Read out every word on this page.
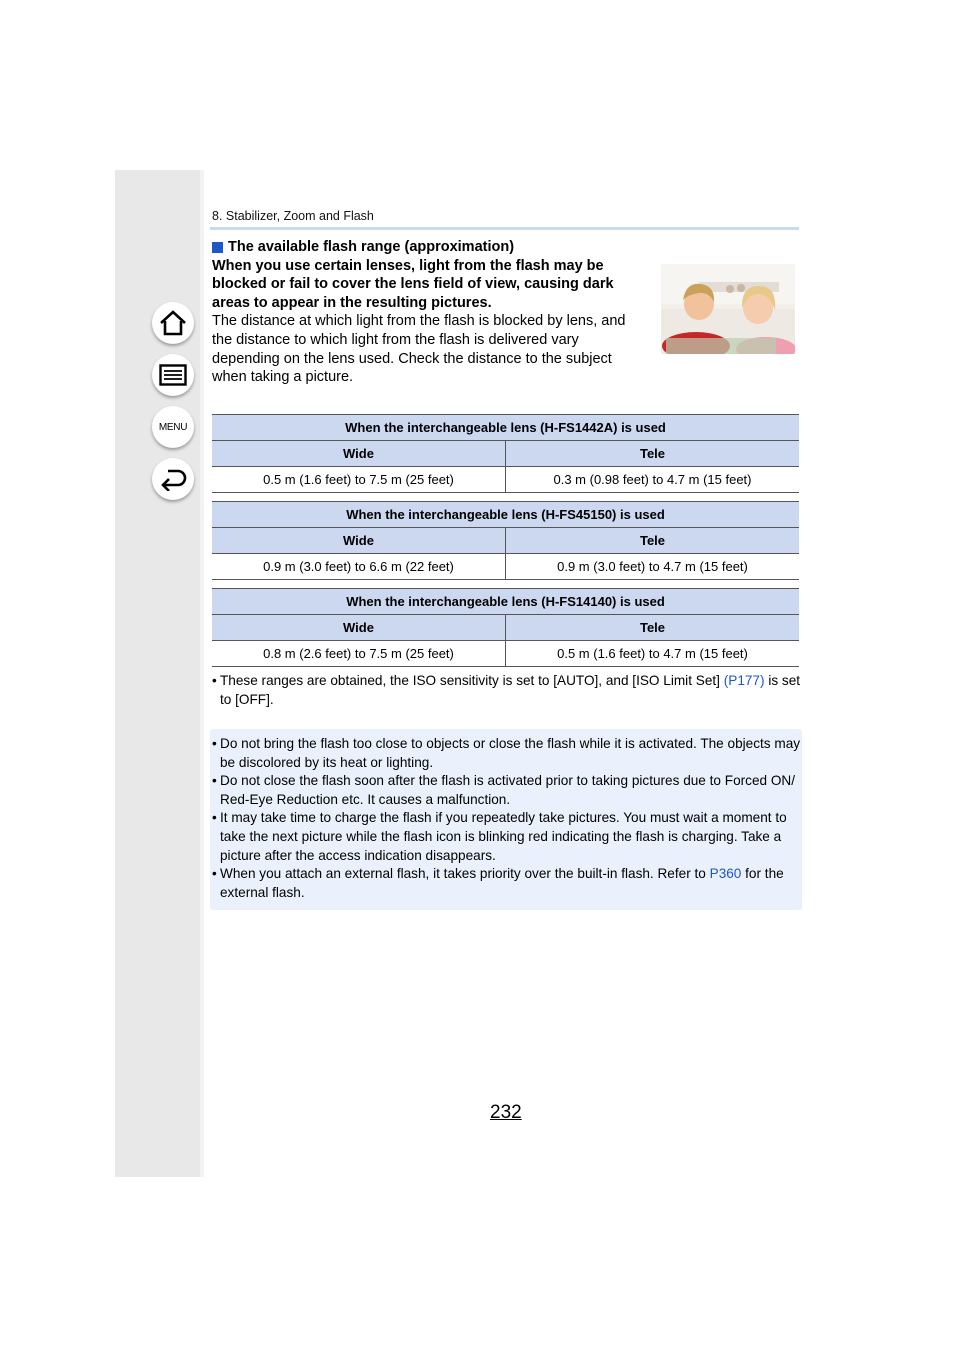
MENU
8. Stabilizer, Zoom and Flash
The available flash range (approximation)
When you use certain lenses, light from the flash may be blocked or fail to cover the lens field of view, causing dark areas to appear in the resulting pictures.
The distance at which light from the flash is blocked by lens, and the distance to which light from the flash is delivered vary depending on the lens used. Check the distance to the subject when taking a picture.
When the interchangeable lens (H-FS1442A) is used	
Wide	Tele
0.5 m (1.6 feet) to 7.5 m (25 feet)	0.3 m (0.98 feet) to 4.7 m (15 feet)
When the interchangeable lens (H-FS45150) is used	
Wide	Tele
0.9 m (3.0 feet) to 6.6 m (22 feet)	0.9 m (3.0 feet) to 4.7 m (15 feet)
When the interchangeable lens (H-FS14140) is used	
Wide	Tele
0.8 m (2.6 feet) to 7.5 m (25 feet)	0.5 m (1.6 feet) to 4.7 m (15 feet)
• These ranges are obtained, the ISO sensitivity is set to [AUTO], and [ISO Limit Set] (P177) is set to [OFF].
• Do not bring the flash too close to objects or close the flash while it is activated. The objects may be discolored by its heat or lighting.
• Do not close the flash soon after the flash is activated prior to taking pictures due to Forced ON/ Red-Eye Reduction etc. It causes a malfunction.
• It may take time to charge the flash if you repeatedly take pictures. You must wait a moment to take the next picture while the flash icon is blinking red indicating the flash is charging. Take a picture after the access indication disappears.
• When you attach an external flash, it takes priority over the built-in flash. Refer to P360 for the external flash.
232
